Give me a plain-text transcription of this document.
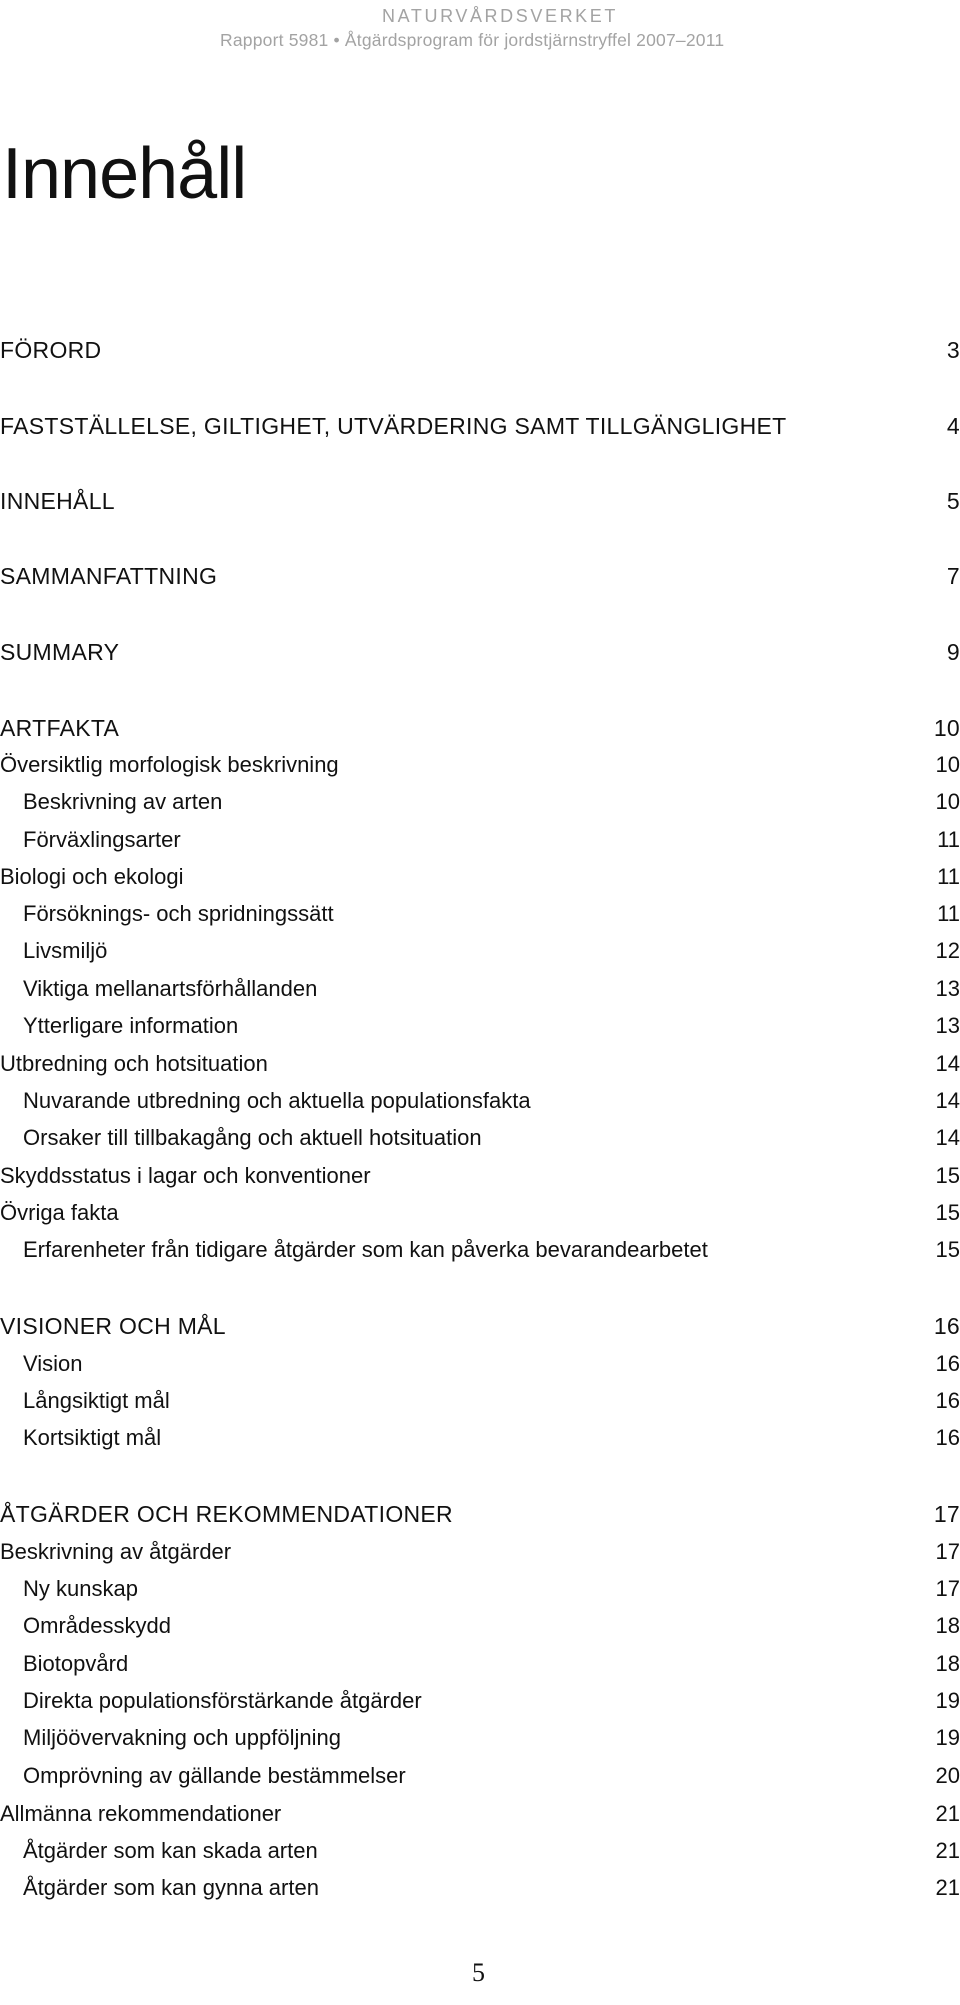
NATURVÅRDSVERKET
Rapport 5981 • Åtgärdsprogram för jordstjärnstryffel 2007–2011
Innehåll
FÖRORD	3
FASTSTÄLLELSE, GILTIGHET, UTVÄRDERING SAMT TILLGÄNGLIGHET	4
INNEHÅLL	5
SAMMANFATTNING	7
SUMMARY	9
ARTFAKTA	10
Översiktlig morfologisk beskrivning	10
Beskrivning av arten	10
Förväxlingsarter	11
Biologi och ekologi	11
Försöknings- och spridningssätt	11
Livsmiljö	12
Viktiga mellanartsförhållanden	13
Ytterligare information	13
Utbredning och hotsituation	14
Nuvarande utbredning och aktuella populationsfakta	14
Orsaker till tillbakagång och aktuell hotsituation	14
Skyddsstatus i lagar och konventioner	15
Övriga fakta	15
Erfarenheter från tidigare åtgärder som kan påverka bevarandearbetet	15
VISIONER OCH MÅL	16
Vision	16
Långsiktigt mål	16
Kortsiktigt mål	16
ÅTGÄRDER OCH REKOMMENDATIONER	17
Beskrivning av åtgärder	17
Ny kunskap	17
Områdesskydd	18
Biotopvård	18
Direkta populationsförstärkande åtgärder	19
Miljöövervakning och uppföljning	19
Omprövning av gällande bestämmelser	20
Allmänna rekommendationer	21
Åtgärder som kan skada arten	21
Åtgärder som kan gynna arten	21
5
